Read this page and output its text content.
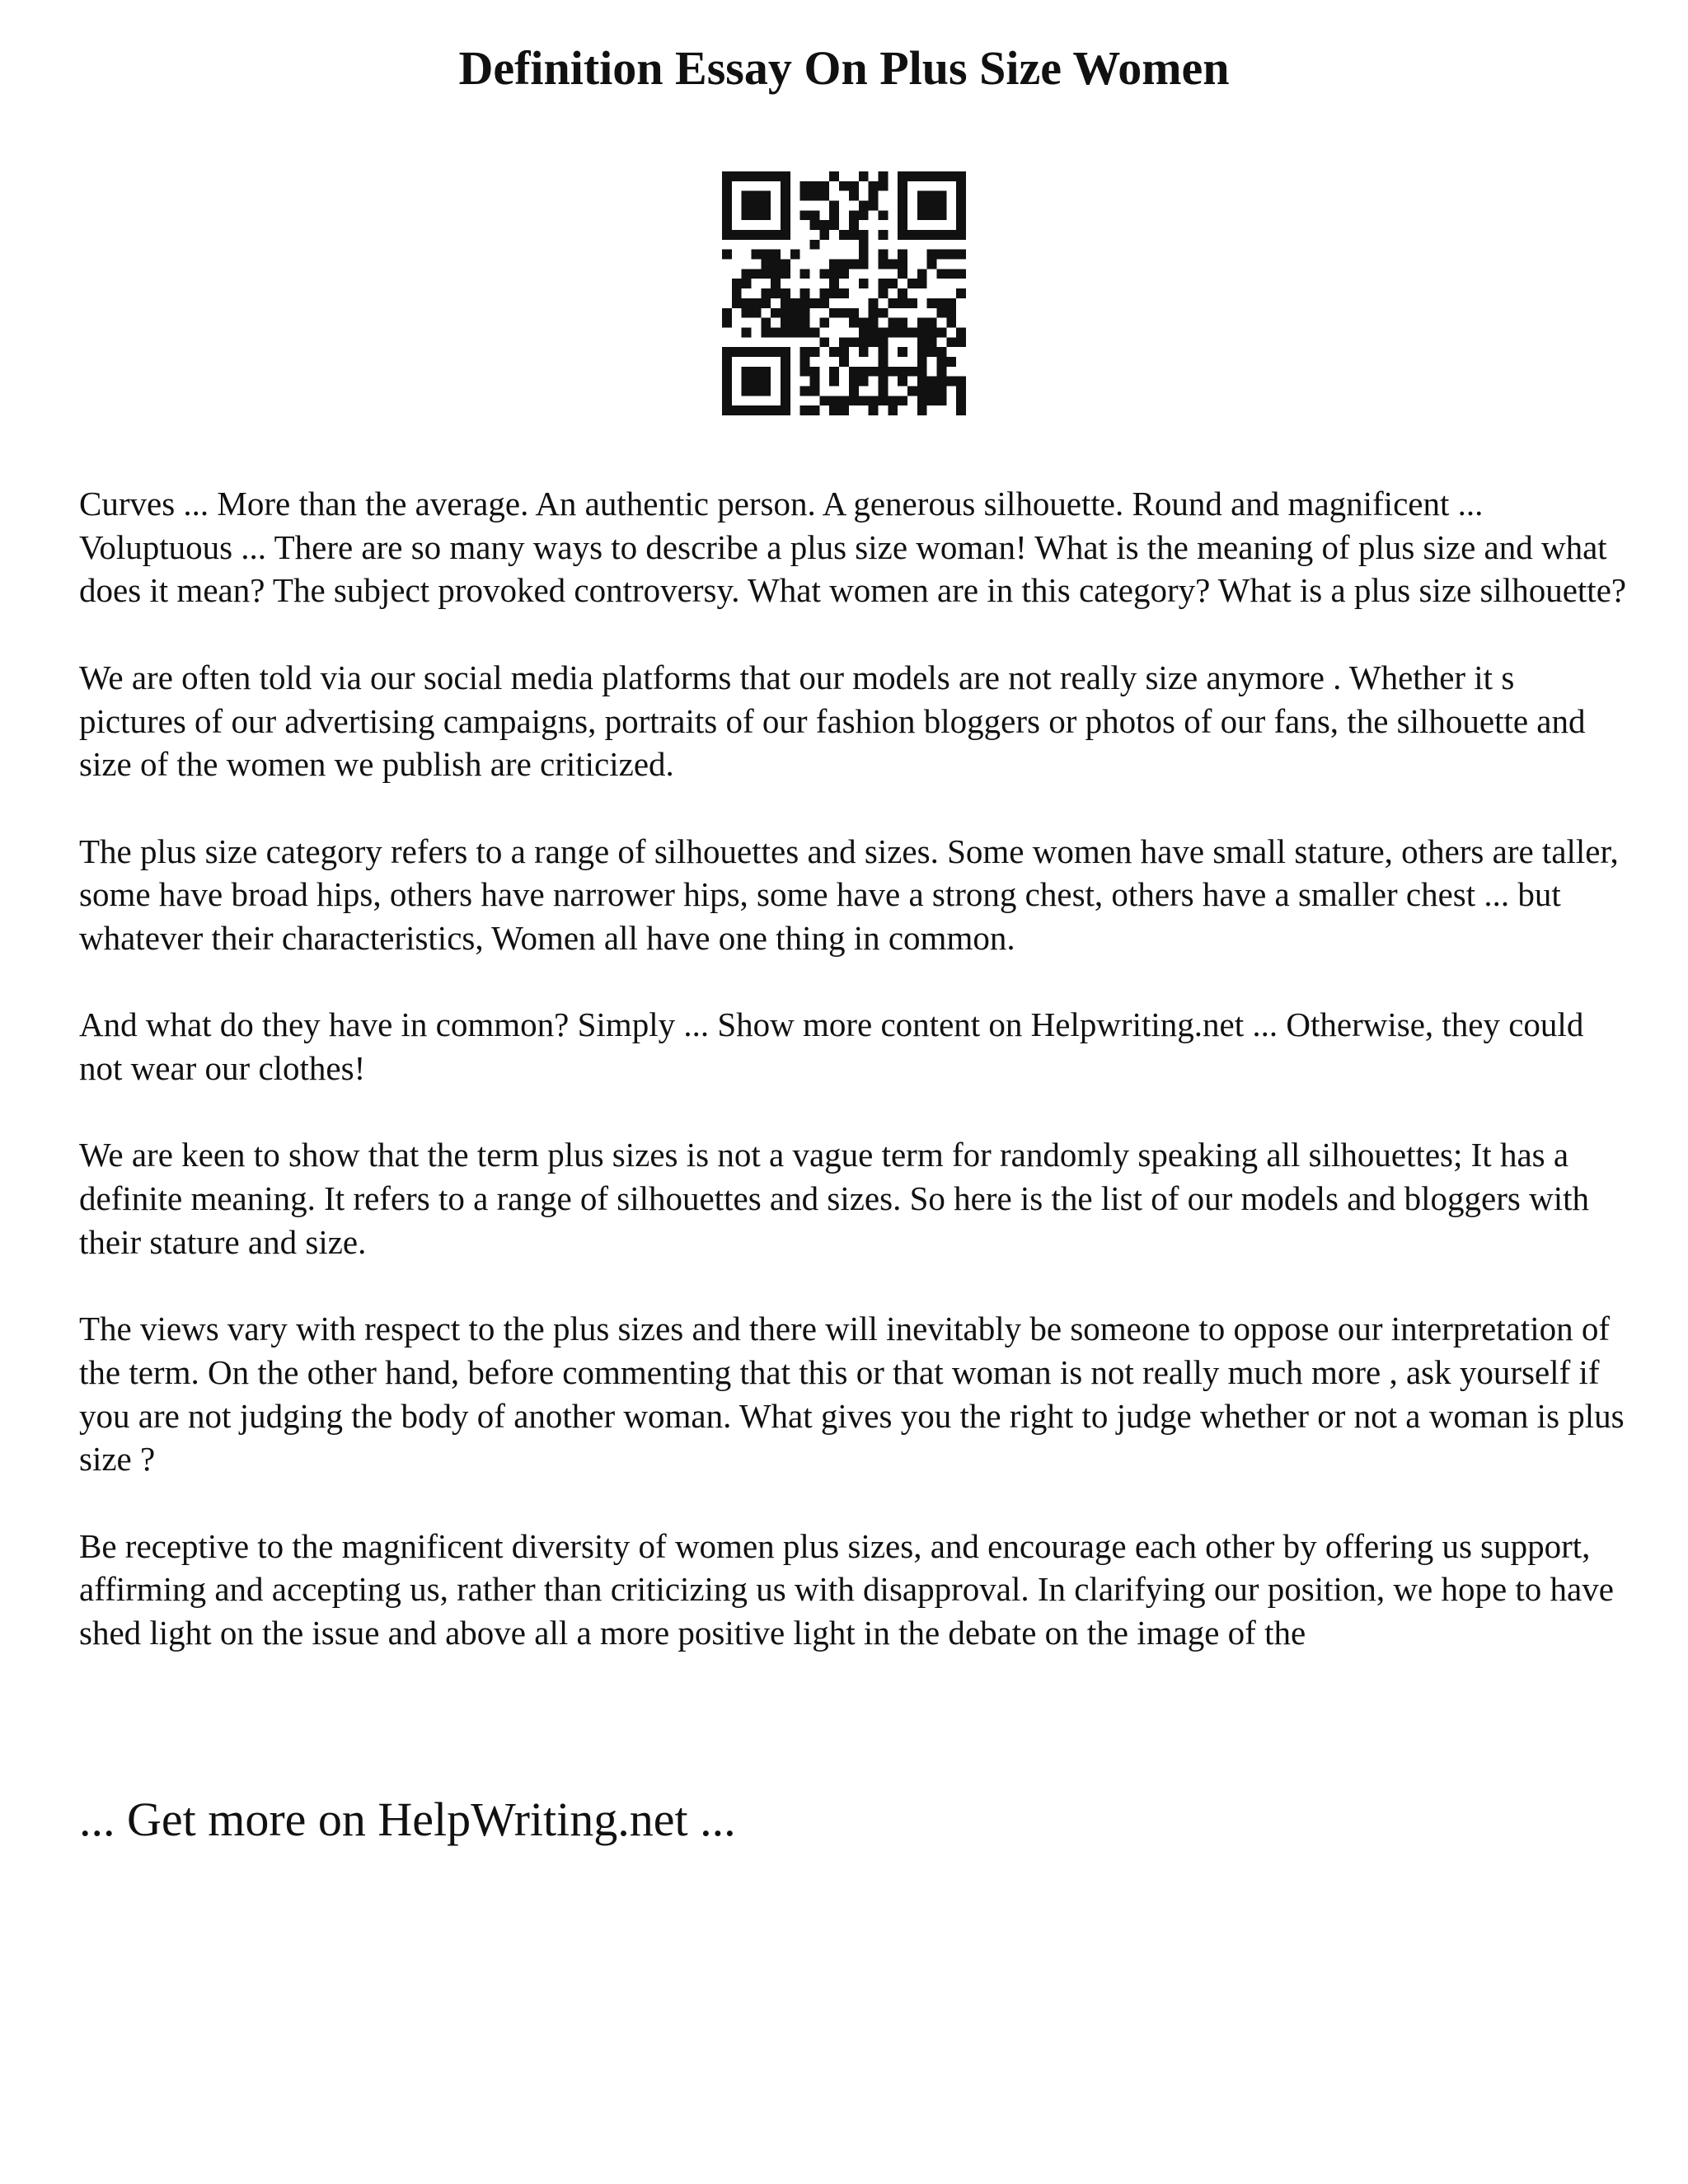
Definition Essay On Plus Size Women

Curves ... More than the average. An authentic person. A generous silhouette. Round and magnificent ... Voluptuous ... There are so many ways to describe a plus size woman! What is the meaning of plus size and what does it mean? The subject provoked controversy. What women are in this category? What is a plus size silhouette?

We are often told via our social media platforms that our models are not really size anymore . Whether it s pictures of our advertising campaigns, portraits of our fashion bloggers or photos of our fans, the silhouette and size of the women we publish are criticized.

The plus size category refers to a range of silhouettes and sizes. Some women have small stature, others are taller, some have broad hips, others have narrower hips, some have a strong chest, others have a smaller chest ... but whatever their characteristics, Women all have one thing in common.

And what do they have in common? Simply ... Show more content on Helpwriting.net ... Otherwise, they could not wear our clothes!

We are keen to show that the term plus sizes is not a vague term for randomly speaking all silhouettes; It has a definite meaning. It refers to a range of silhouettes and sizes. So here is the list of our models and bloggers with their stature and size.

The views vary with respect to the plus sizes and there will inevitably be someone to oppose our interpretation of the term. On the other hand, before commenting that this or that woman is not really much more , ask yourself if you are not judging the body of another woman. What gives you the right to judge whether or not a woman is plus size ?

Be receptive to the magnificent diversity of women plus sizes, and encourage each other by offering us support, affirming and accepting us, rather than criticizing us with disapproval. In clarifying our position, we hope to have shed light on the issue and above all a more positive light in the debate on the image of the

... Get more on HelpWriting.net ...
